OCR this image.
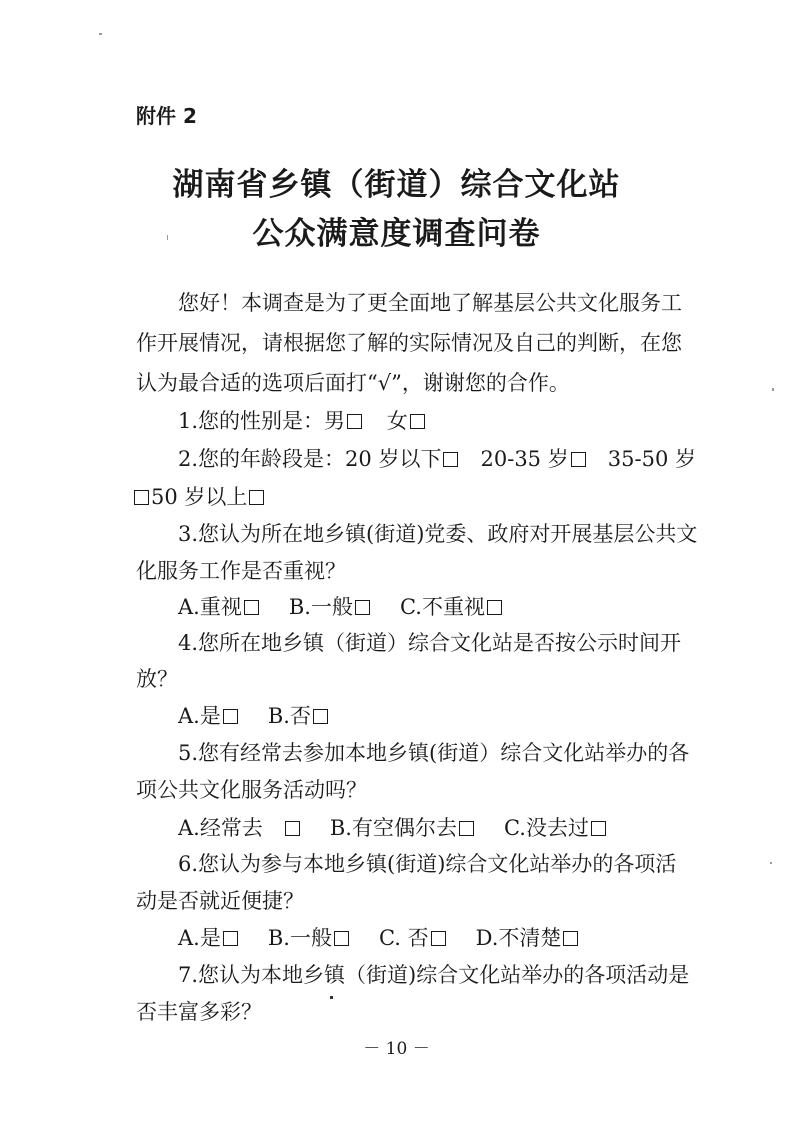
附件 2
湖南省乡镇（街道）综合文化站
公众满意度调查问卷
您好！本调查是为了更全面地了解基层公共文化服务工
作开展情况，请根据您了解的实际情况及自己的判断，在您
认为最合适的选项后面打“√”，谢谢您的合作。
1.您的性别是：男 女
2.您的年龄段是：20 岁以下	20-35 岁	35-50 岁
50 岁以上
3.您认为所在地乡镇(街道)党委、政府对开展基层公共文
化服务工作是否重视？
A.重视 B.一般 C.不重视
4.您所在地乡镇（街道）综合文化站是否按公示时间开
放？
A.是 B.否
5.您有经常去参加本地乡镇(街道）综合文化站举办的各
项公共文化服务活动吗？
A.经常去	B.有空偶尔去 C.没去过
6.您认为参与本地乡镇(街道)综合文化站举办的各项活
动是否就近便捷？
A.是 B.一般 C. 否 D.不清楚
7.您认为本地乡镇（街道)综合文化站举办的各项活动是
否丰富多彩？
－ 10 －
